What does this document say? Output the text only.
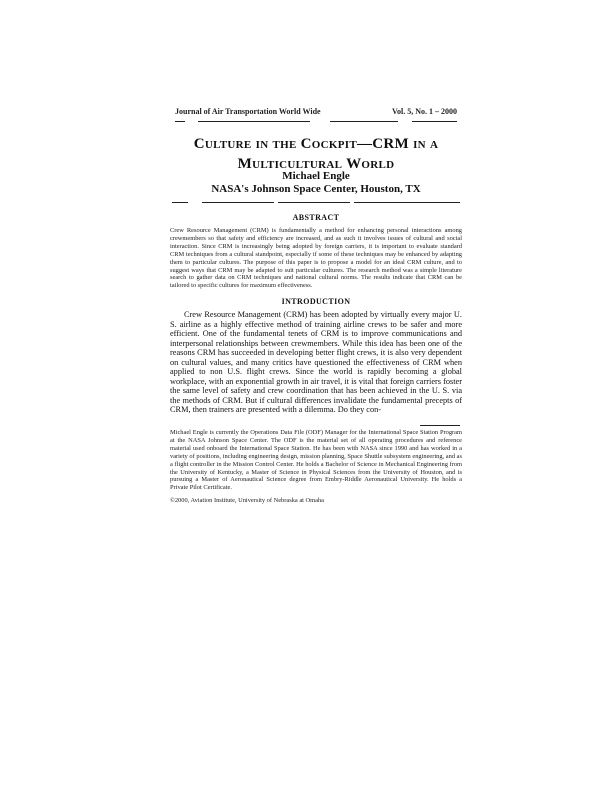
Journal of Air Transportation World Wide	Vol. 5, No. 1 – 2000
Culture in the Cockpit—CRM in a
Multicultural World
Michael Engle
NASA's Johnson Space Center, Houston, TX
ABSTRACT
Crew Resource Management (CRM) is fundamentally a method for enhancing personal interactions among crewmembers so that safety and efficiency are increased, and as such it involves issues of cultural and social interaction. Since CRM is increasingly being adopted by foreign carriers, it is important to evaluate standard CRM techniques from a cultural standpoint, especially if some of these techniques may be enhanced by adapting them to particular cultures. The purpose of this paper is to propose a model for an ideal CRM culture, and to suggest ways that CRM may be adapted to suit particular cultures. The research method was a simple literature search to gather data on CRM techniques and national cultural norms. The results indicate that CRM can be tailored to specific cultures for maximum effectiveness.
INTRODUCTION

Crew Resource Management (CRM) has been adopted by virtually every major U. S. airline as a highly effective method of training airline crews to be safer and more efficient. One of the fundamental tenets of CRM is to improve communications and interpersonal relationships between crewmembers. While this idea has been one of the reasons CRM has succeeded in developing better flight crews, it is also very dependent on cultural values, and many critics have questioned the effectiveness of CRM when applied to non U.S. flight crews. Since the world is rapidly becoming a global workplace, with an exponential growth in air travel, it is vital that foreign carriers foster the same level of safety and crew coordination that has been achieved in the U. S. via the methods of CRM. But if cultural differences invalidate the fundamental precepts of CRM, then trainers are presented with a dilemma. Do they con-

Michael Engle is currently the Operations Data File (ODF) Manager for the International Space Station Program at the NASA Johnson Space Center. The ODF is the material set of all operating procedures and reference material used onboard the International Space Station. He has been with NASA since 1990 and has worked in a variety of positions, including engineering design, mission planning, Space Shuttle subsystem engineering, and as a flight controller in the Mission Control Center. He holds a Bachelor of Science in Mechanical Engineering from the University of Kentucky, a Master of Science in Physical Sciences from the University of Houston, and is pursuing a Master of Aeronautical Science degree from Embry-Riddle Aeronautical University. He holds a Private Pilot Certificate.
©2000, Aviation Institute, University of Nebraska at Omaha
